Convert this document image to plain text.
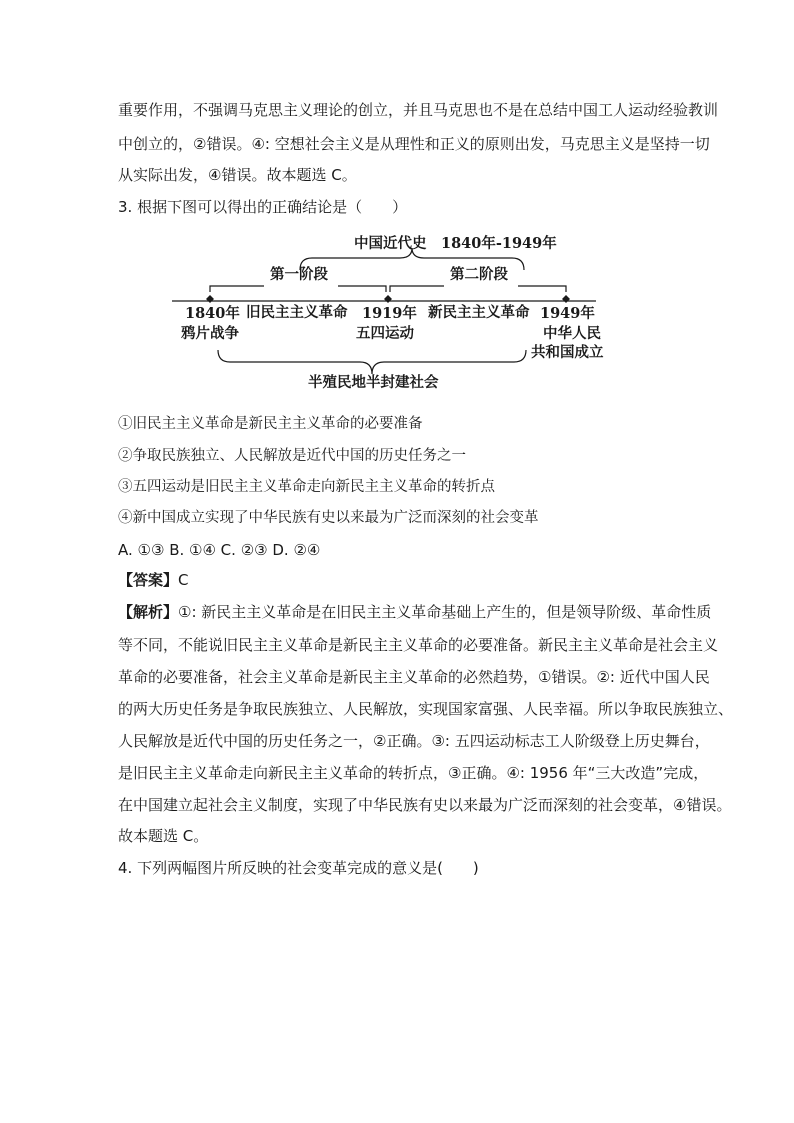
重要作用，不强调马克思主义理论的创立，并且马克思也不是在总结中国工人运动经验教训
中创立的，②错误。④: 空想社会主义是从理性和正义的原则出发，马克思主义是坚持一切
从实际出发，④错误。故本题选 C。
3. 根据下图可以得出的正确结论是（　　）
中国近代史　1840年-1949年
第一阶段	第二阶段
1840年
鸦片战争
旧民主主义革命 1919年
五四运动
新民主主义革命 1949年
中华人民
共和国成立
半殖民地半封建社会
①旧民主主义革命是新民主主义革命的必要准备
②争取民族独立、人民解放是近代中国的历史任务之一
③五四运动是旧民主主义革命走向新民主主义革命的转折点
④新中国成立实现了中华民族有史以来最为广泛而深刻的社会变革
A. ①③ B. ①④ C. ②③ D. ②④
【答案】C
【解析】①: 新民主主义革命是在旧民主主义革命基础上产生的，但是领导阶级、革命性质
等不同，不能说旧民主主义革命是新民主主义革命的必要准备。新民主主义革命是社会主义
革命的必要准备，社会主义革命是新民主主义革命的必然趋势，①错误。②: 近代中国人民
的两大历史任务是争取民族独立、人民解放，实现国家富强、人民幸福。所以争取民族独立、
人民解放是近代中国的历史任务之一，②正确。③: 五四运动标志工人阶级登上历史舞台，
是旧民主主义革命走向新民主主义革命的转折点，③正确。④: 1956 年“三大改造”完成，
在中国建立起社会主义制度，实现了中华民族有史以来最为广泛而深刻的社会变革，④错误。
故本题选 C。
4. 下列两幅图片所反映的社会变革完成的意义是(　　)
